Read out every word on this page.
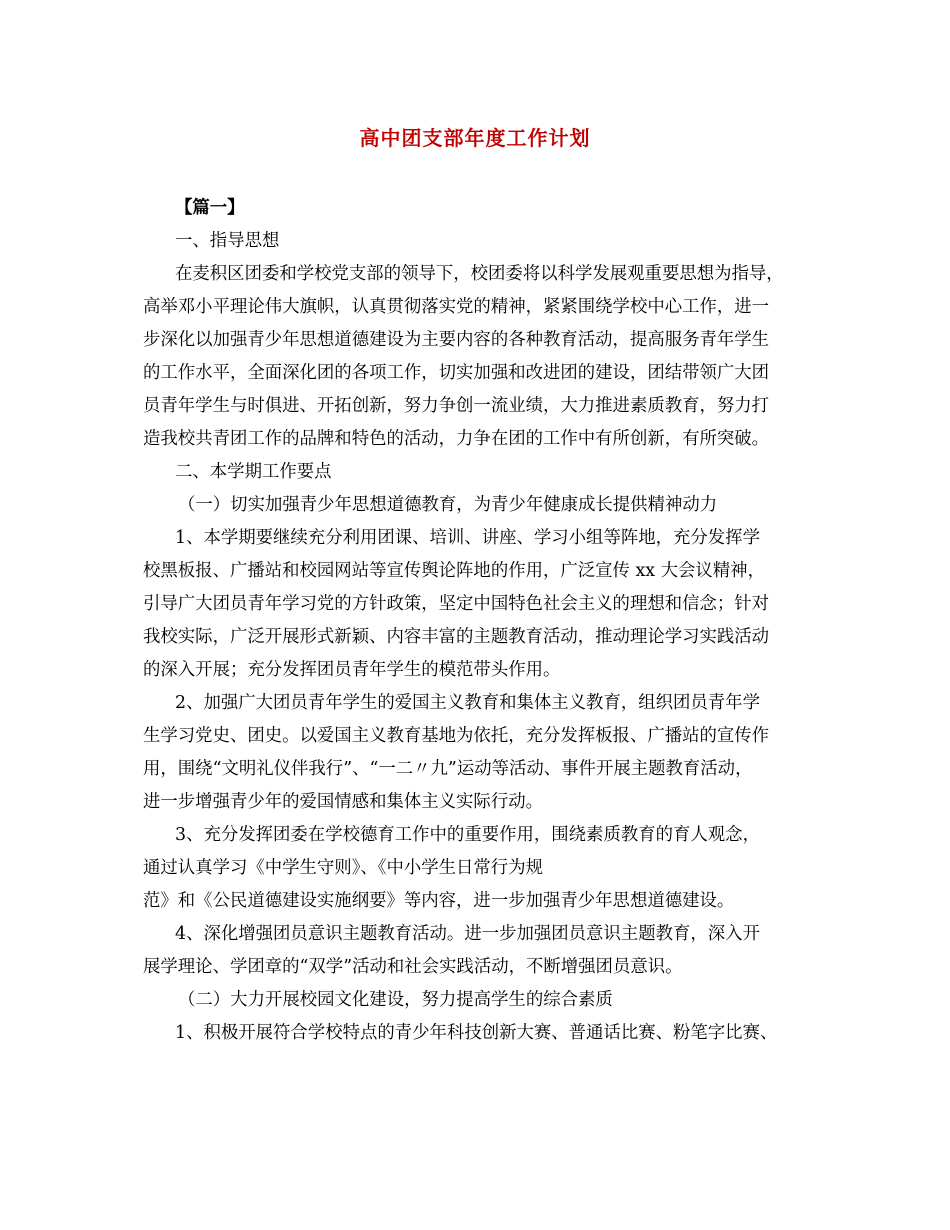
高中团支部年度工作计划
【篇一】
一、指导思想
在麦积区团委和学校党支部的领导下，校团委将以科学发展观重要思想为指导，
高举邓小平理论伟大旗帜，认真贯彻落实党的精神，紧紧围绕学校中心工作，进一
步深化以加强青少年思想道德建设为主要内容的各种教育活动，提高服务青年学生
的工作水平，全面深化团的各项工作，切实加强和改进团的建设，团结带领广大团
员青年学生与时俱进、开拓创新，努力争创一流业绩，大力推进素质教育，努力打
造我校共青团工作的品牌和特色的活动，力争在团的工作中有所创新，有所突破。
二、本学期工作要点
（一）切实加强青少年思想道德教育，为青少年健康成长提供精神动力
1、本学期要继续充分利用团课、培训、讲座、学习小组等阵地，充分发挥学
校黑板报、广播站和校园网站等宣传舆论阵地的作用，广泛宣传 xx 大会议精神，
引导广大团员青年学习党的方针政策，坚定中国特色社会主义的理想和信念；针对
我校实际，广泛开展形式新颖、内容丰富的主题教育活动，推动理论学习实践活动
的深入开展；充分发挥团员青年学生的模范带头作用。
2、加强广大团员青年学生的爱国主义教育和集体主义教育，组织团员青年学
生学习党史、团史。以爱国主义教育基地为依托，充分发挥板报、广播站的宣传作
用，围绕“文明礼仪伴我行”、“一二〃九”运动等活动、事件开展主题教育活动，
进一步增强青少年的爱国情感和集体主义实际行动。
3、充分发挥团委在学校德育工作中的重要作用，围绕素质教育的育人观念，
通过认真学习《中学生守则》、《中小学生日常行为规
范》和《公民道德建设实施纲要》等内容，进一步加强青少年思想道德建设。
4、深化增强团员意识主题教育活动。进一步加强团员意识主题教育，深入开
展学理论、学团章的“双学”活动和社会实践活动，不断增强团员意识。
（二）大力开展校园文化建设，努力提高学生的综合素质
1、积极开展符合学校特点的青少年科技创新大赛、普通话比赛、粉笔字比赛、
